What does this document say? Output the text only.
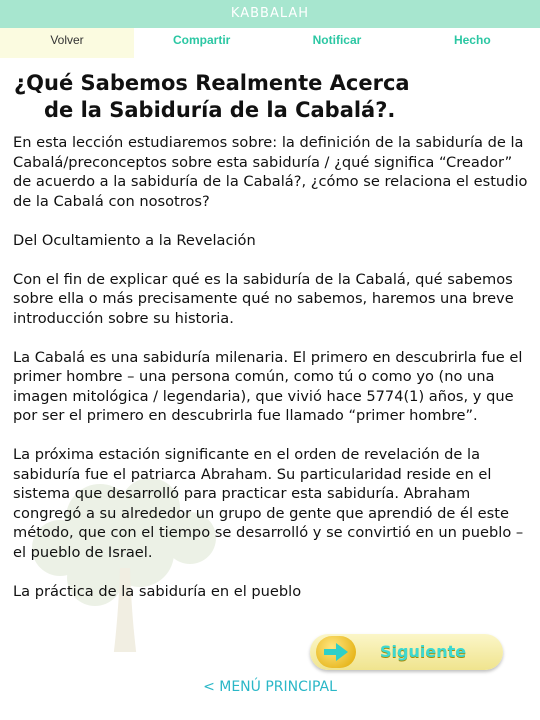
KABBALAH
Volver	Compartir	Notificar	Hecho
¿Qué Sabemos Realmente Acerca
de la Sabiduría de la Cabalá?.

En esta lección estudiaremos sobre: la definición de la sabiduría de la Cabalá/preconceptos sobre esta sabiduría / ¿qué significa “Creador” de acuerdo a la sabiduría de la Cabalá?, ¿cómo se relaciona el estudio de la Cabalá con nosotros?

Del Ocultamiento a la Revelación

Con el fin de explicar qué es la sabiduría de la Cabalá, qué sabemos sobre ella o más precisamente qué no sabemos, haremos una breve introducción sobre su historia.

La Cabalá es una sabiduría milenaria. El primero en descubrirla fue el primer hombre – una persona común, como tú o como yo (no una imagen mitológica / legendaria), que vivió hace 5774(1) años, y que por ser el primero en descubrirla fue llamado “primer hombre”.

La próxima estación significante en el orden de revelación de la sabiduría fue el patriarca Abraham. Su particularidad reside en el sistema que desarrolló para practicar esta sabiduría. Abraham congregó a su alrededor un grupo de gente que aprendió de él este método, que con el tiempo se desarrolló y se convirtió en un pueblo – el pueblo de Israel.

La práctica de la sabiduría en el pueblo

Siguiente
< MENÚ PRINCIPAL
